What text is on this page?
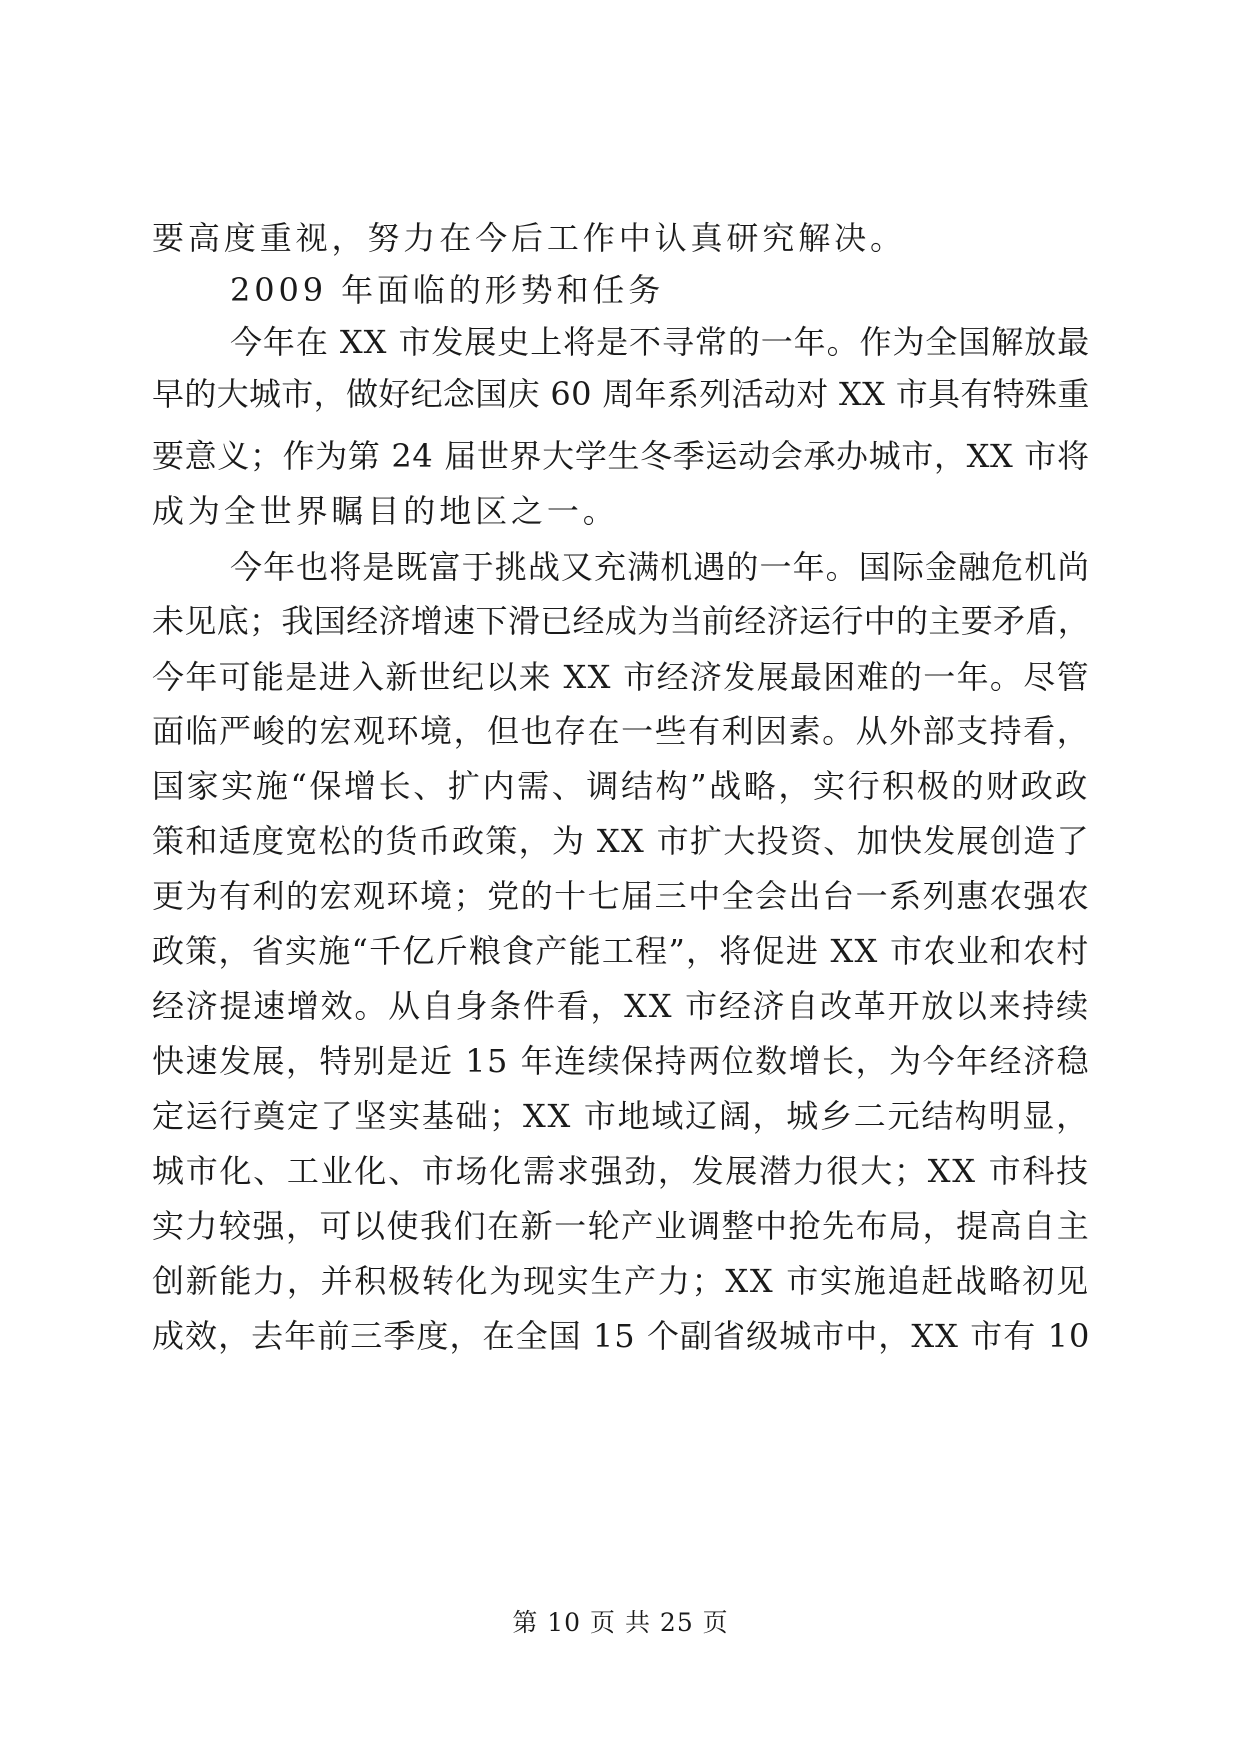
要高度重视，努力在今后工作中认真研究解决。
2009 年面临的形势和任务
今年在 XX 市发展史上将是不寻常的一年。作为全国解放最
早的大城市，做好纪念国庆 60 周年系列活动对 XX 市具有特殊重
要意义；作为第 24 届世界大学生冬季运动会承办城市，XX 市将
成为全世界瞩目的地区之一。
今年也将是既富于挑战又充满机遇的一年。国际金融危机尚
未见底；我国经济增速下滑已经成为当前经济运行中的主要矛盾，
今年可能是进入新世纪以来 XX 市经济发展最困难的一年。尽管
面临严峻的宏观环境，但也存在一些有利因素。从外部支持看，
国家实施“保增长、扩内需、调结构”战略，实行积极的财政政
策和适度宽松的货币政策，为 XX 市扩大投资、加快发展创造了
更为有利的宏观环境；党的十七届三中全会出台一系列惠农强农
政策，省实施“千亿斤粮食产能工程”，将促进 XX 市农业和农村
经济提速增效。从自身条件看，XX 市经济自改革开放以来持续
快速发展，特别是近 15 年连续保持两位数增长，为今年经济稳
定运行奠定了坚实基础；XX 市地域辽阔，城乡二元结构明显，
城市化、工业化、市场化需求强劲，发展潜力很大；XX 市科技
实力较强，可以使我们在新一轮产业调整中抢先布局，提高自主
创新能力，并积极转化为现实生产力；XX 市实施追赶战略初见
成效，去年前三季度，在全国 15 个副省级城市中，XX 市有 10
第 10 页 共 25 页
